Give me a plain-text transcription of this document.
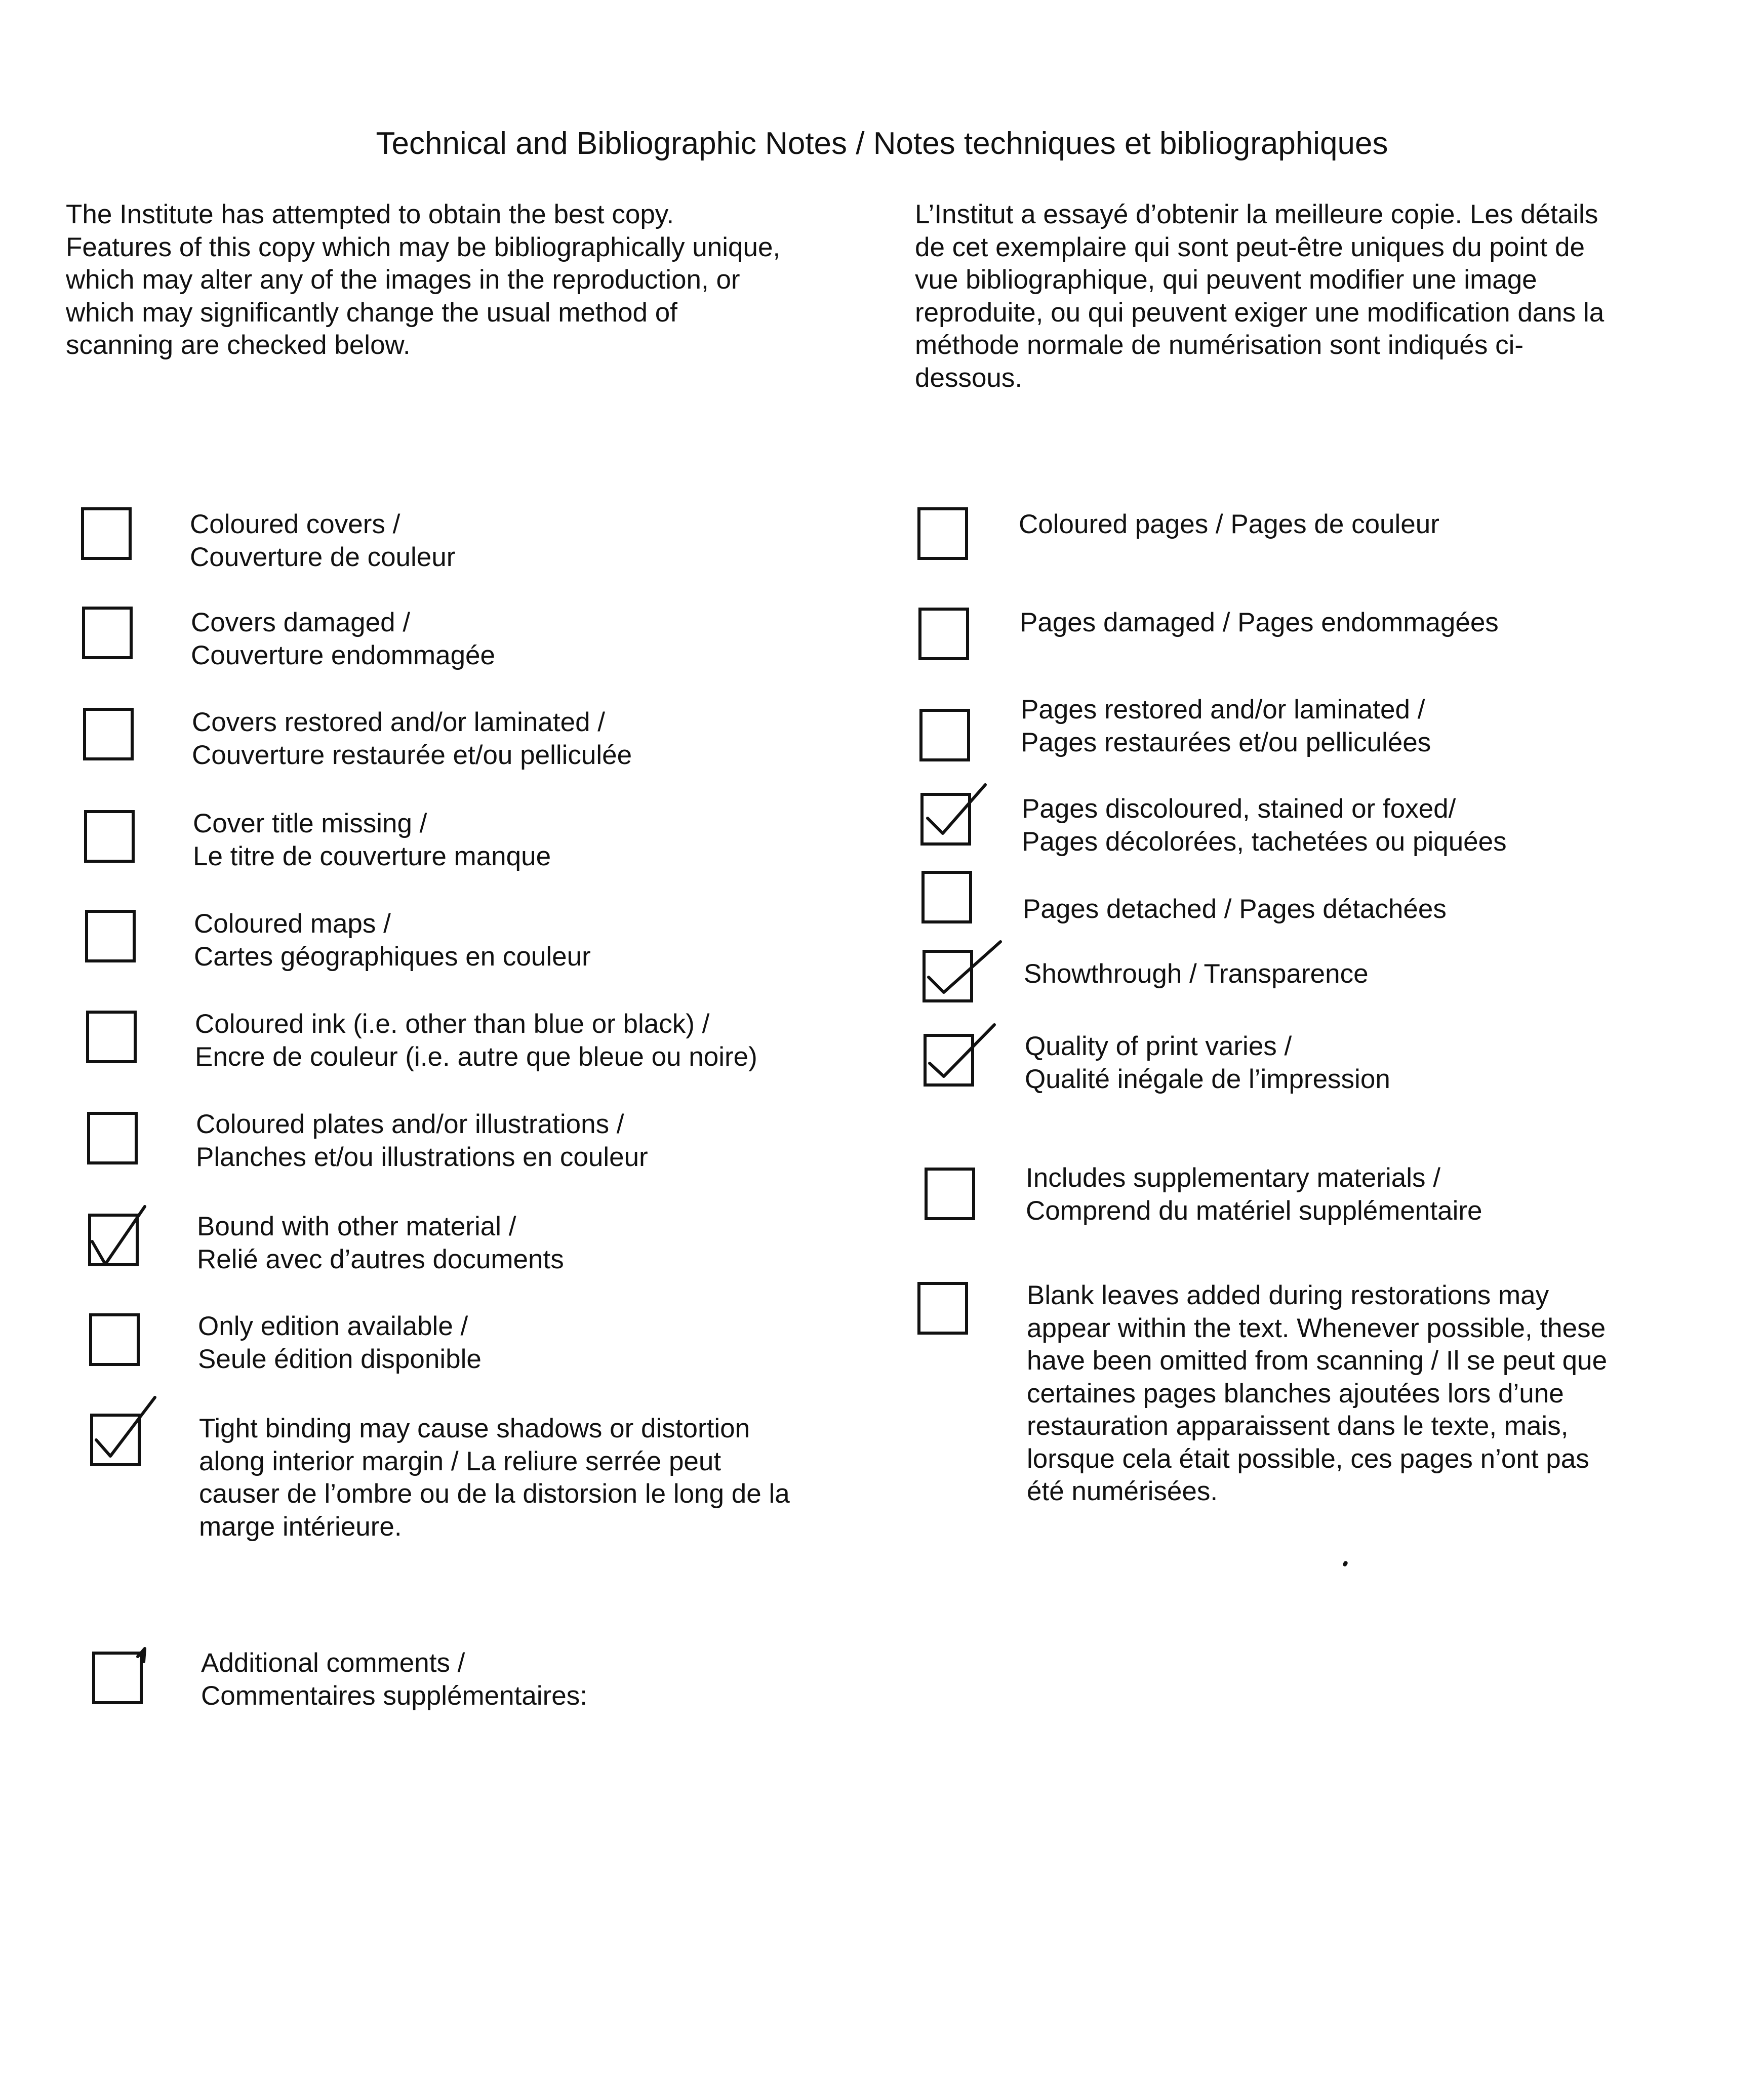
Technical and Bibliographic Notes / Notes techniques et bibliographiques

The Institute has attempted to obtain the best copy.
Features of this copy which may be bibliographically unique,
which may alter any of the images in the reproduction, or
which may significantly change the usual method of
scanning are checked below.

L’Institut a essayé d’obtenir la meilleure copie. Les détails
de cet exemplaire qui sont peut-être uniques du point de
vue bibliographique, qui peuvent modifier une image
reproduite, ou qui peuvent exiger une modification dans la
méthode normale de numérisation sont indiqués ci-
dessous.

Coloured covers /
Couverture de couleur
Covers damaged /
Couverture endommagée
Covers restored and/or laminated /
Couverture restaurée et/ou pelliculée
Cover title missing /
Le titre de couverture manque
Coloured maps /
Cartes géographiques en couleur
Coloured ink (i.e. other than blue or black) /
Encre de couleur (i.e. autre que bleue ou noire)
Coloured plates and/or illustrations /
Planches et/ou illustrations en couleur
Bound with other material /
Relié avec d’autres documents
Only edition available /
Seule édition disponible
Tight binding may cause shadows or distortion
along interior margin / La reliure serrée peut
causer de l’ombre ou de la distorsion le long de la
marge intérieure.
Additional comments /
Commentaires supplémentaires:
Coloured pages / Pages de couleur
Pages damaged / Pages endommagées
Pages restored and/or laminated /
Pages restaurées et/ou pelliculées
Pages discoloured, stained or foxed/
Pages décolorées, tachetées ou piquées
Pages detached / Pages détachées
Showthrough / Transparence
Quality of print varies /
Qualité inégale de l’impression
Includes supplementary materials /
Comprend du matériel supplémentaire
Blank leaves added during restorations may
appear within the text. Whenever possible, these
have been omitted from scanning / Il se peut que
certaines pages blanches ajoutées lors d’une
restauration apparaissent dans le texte, mais,
lorsque cela était possible, ces pages n’ont pas
été numérisées.
